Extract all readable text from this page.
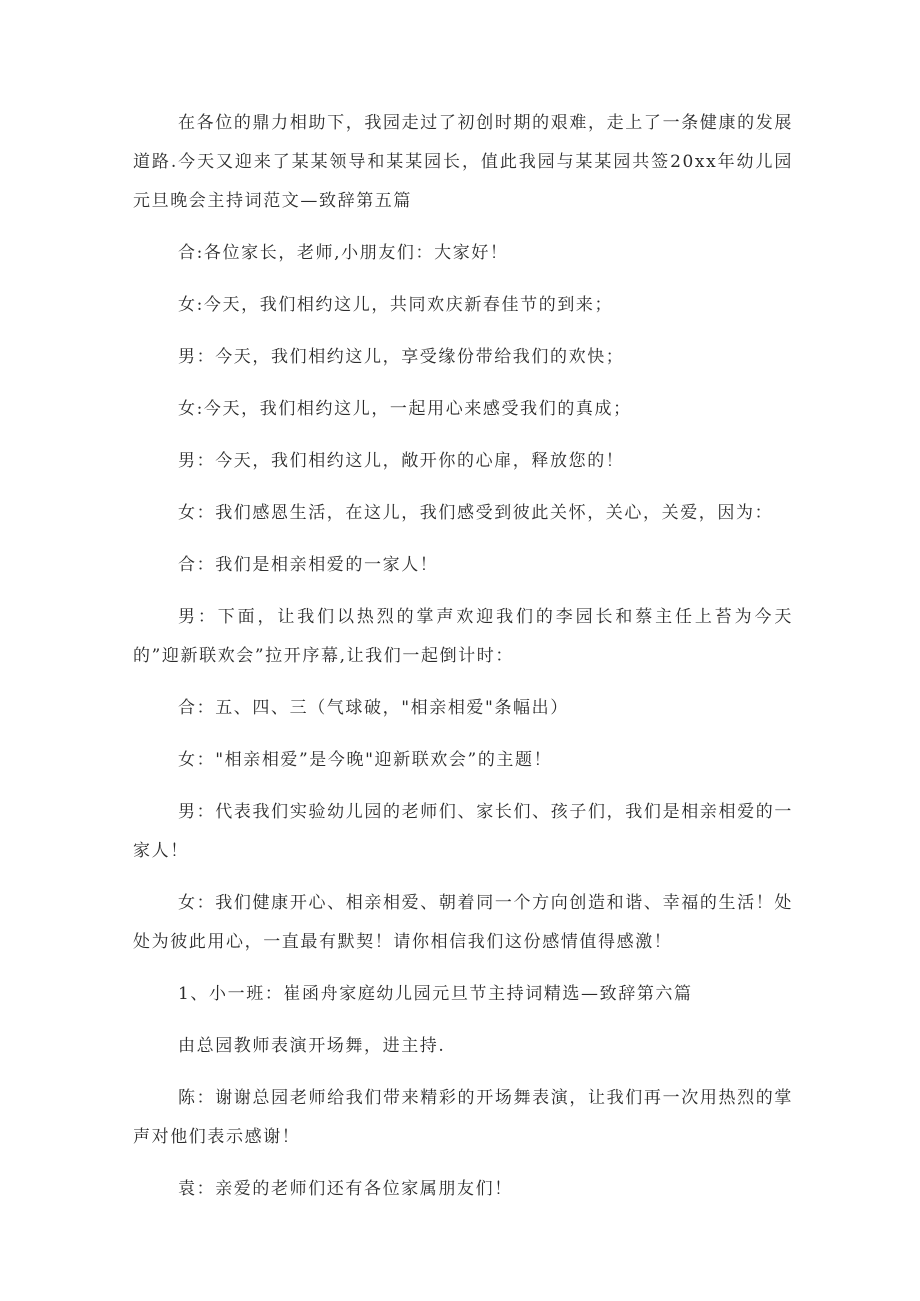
在各位的鼎力相助下，我园走过了初创时期的艰难，走上了一条健康的发展道路.今天又迎来了某某领导和某某园长，值此我园与某某园共签20xx年幼儿园元旦晚会主持词范文—致辞第五篇

合:各位家长，老师,小朋友们：大家好！

女:今天，我们相约这儿，共同欢庆新春佳节的到来；

男：今天，我们相约这儿，享受缘份带给我们的欢快；

女:今天，我们相约这儿，一起用心来感受我们的真成；

男：今天，我们相约这儿，敞开你的心扉，释放您的！

女：我们感恩生活，在这儿，我们感受到彼此关怀，关心，关爱，因为：

合：我们是相亲相爱的一家人！

男：下面，让我们以热烈的掌声欢迎我们的李园长和蔡主任上苔为今天的”迎新联欢会”拉开序幕,让我们一起倒计时：

合：五、四、三（气球破，"相亲相爱"条幅出）

女："相亲相爱”是今晚"迎新联欢会”的主题！

男：代表我们实验幼儿园的老师们、家长们、孩子们，我们是相亲相爱的一家人！

女：我们健康开心、相亲相爱、朝着同一个方向创造和谐、幸福的生活！处处为彼此用心，一直最有默契！请你相信我们这份感情值得感激！

1、小一班：崔函舟家庭幼儿园元旦节主持词精选—致辞第六篇

由总园教师表演开场舞，进主持.

陈：谢谢总园老师给我们带来精彩的开场舞表演，让我们再一次用热烈的掌声对他们表示感谢！

袁：亲爱的老师们还有各位家属朋友们！
